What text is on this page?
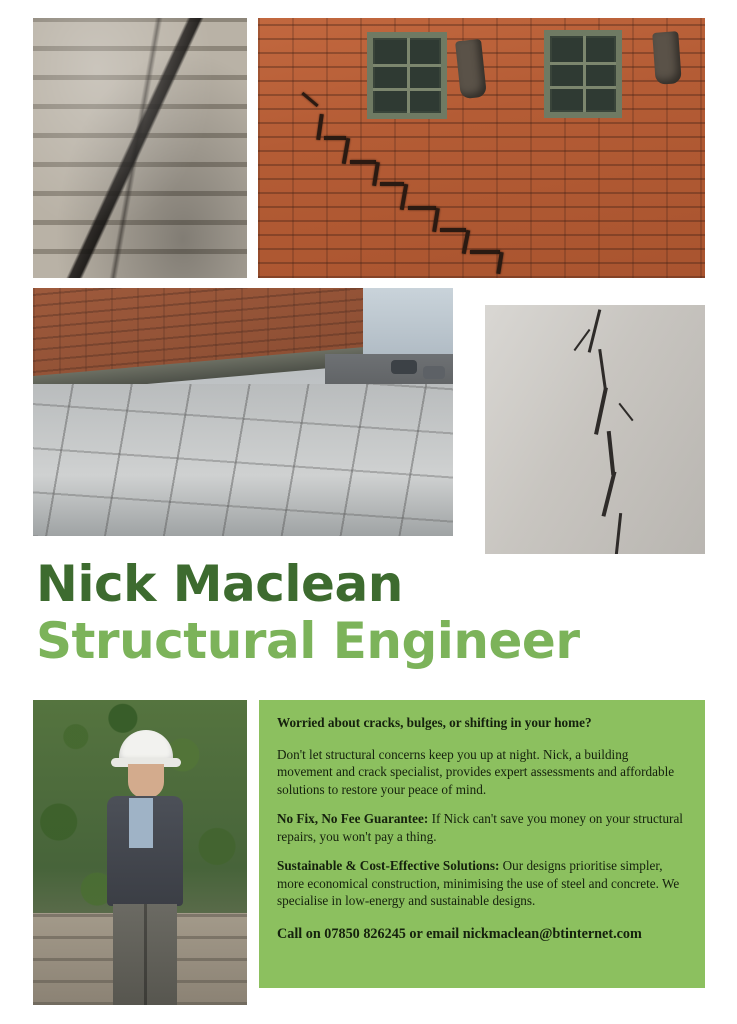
Nick Maclean
Structural Engineer

Worried about cracks, bulges, or shifting in your home?

Don't let structural concerns keep you up at night. Nick, a building movement and crack specialist, provides expert assessments and affordable solutions to restore your peace of mind.

No Fix, No Fee Guarantee: If Nick can't save you money on your structural repairs, you won't pay a thing.

Sustainable & Cost-Effective Solutions: Our designs prioritise simpler, more economical construction, minimising the use of steel and concrete. We specialise in low-energy and sustainable designs.

Call on 07850 826245 or email nickmaclean@btinternet.com
